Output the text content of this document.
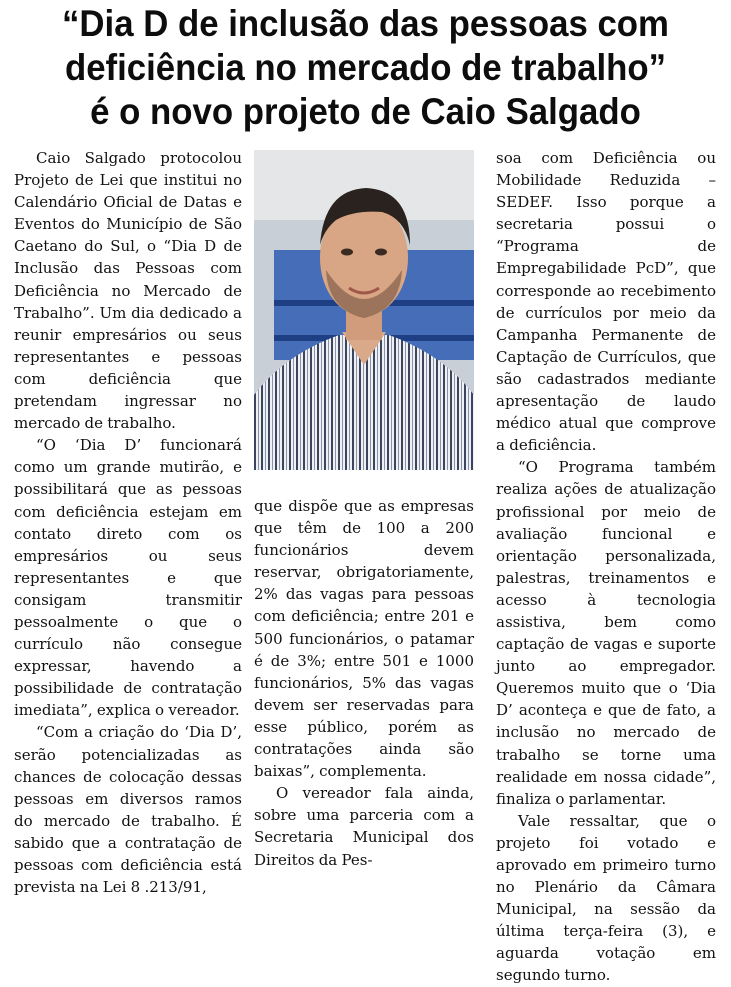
“Dia D de inclusão das pessoas com
deficiência no mercado de trabalho”
é o novo projeto de Caio Salgado

Caio Salgado protocolou Projeto de Lei que institui no Calendário Oficial de Datas e Eventos do Município de São Caetano do Sul, o “Dia D de Inclusão das Pessoas com Deficiência no Mercado de Trabalho”. Um dia dedicado a reunir empresários ou seus representantes e pessoas com deficiência que pretendam ingressar no mercado de trabalho.

“O ‘Dia D’ funcionará como um grande mutirão, e possibilitará que as pessoas com deficiência estejam em contato direto com os empresários ou seus representantes e que consigam transmitir pessoalmente o que o currículo não consegue expressar, havendo a possibilidade de contratação imediata”, explica o vereador.

“Com a criação do ‘Dia D’, serão potencializadas as chances de colocação dessas pessoas em diversos ramos do mercado de trabalho. É sabido que a contratação de pessoas com deficiência está prevista na Lei 8 .213/91,

que dispõe que as empresas que têm de 100 a 200 funcionários devem reservar, obrigatoriamente, 2% das vagas para pessoas com deficiência; entre 201 e 500 funcionários, o patamar é de 3%; entre 501 e 1000 funcionários, 5% das vagas devem ser reservadas para esse público, porém as contratações ainda são baixas”, complementa.

O vereador fala ainda, sobre uma parceria com a Secretaria Municipal dos Direitos da Pes-

soa com Deficiência ou Mobilidade Reduzida – SEDEF. Isso porque a secretaria possui o “Programa de Empregabilidade PcD”, que corresponde ao recebimento de currículos por meio da Campanha Permanente de Captação de Currículos, que são cadastrados mediante apresentação de laudo médico atual que comprove a deficiência.

“O Programa também realiza ações de atualização profissional por meio de avaliação funcional e orientação personalizada, palestras, treinamentos e acesso à tecnologia assistiva, bem como captação de vagas e suporte junto ao empregador. Queremos muito que o ‘Dia D’ aconteça e que de fato, a inclusão no mercado de trabalho se torne uma realidade em nossa cidade”, finaliza o parlamentar.

Vale ressaltar, que o projeto foi votado e aprovado em primeiro turno no Plenário da Câmara Municipal, na sessão da última terça-feira (3), e aguarda votação em segundo turno.
